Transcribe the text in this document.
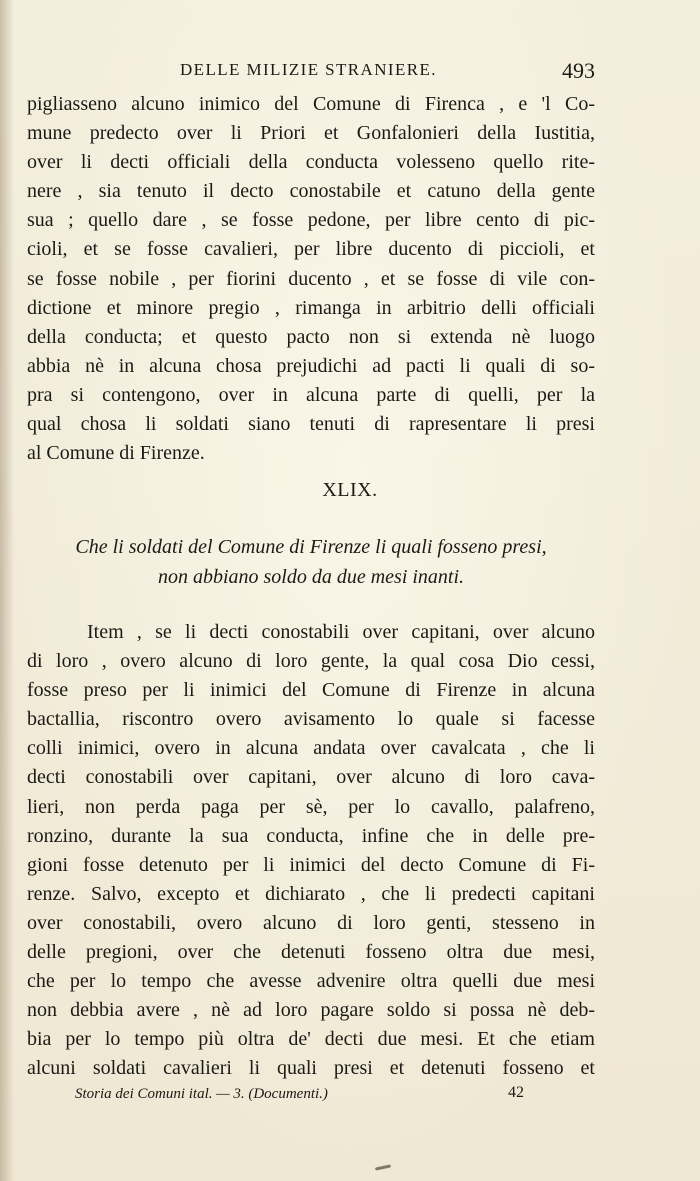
DELLE MILIZIE STRANIERE.	493
pigliasseno alcuno inimico del Comune di Firenca , e 'l Co-
mune predecto over li Priori et Gonfalonieri della Iustitia,
over li decti officiali della conducta volesseno quello rite-
nere , sia tenuto il decto conostabile et catuno della gente
sua ; quello dare , se fosse pedone, per libre cento di pic-
cioli, et se fosse cavalieri, per libre ducento di piccioli, et
se fosse nobile , per fiorini ducento , et se fosse di vile con-
dictione et minore pregio , rimanga in arbitrio delli officiali
della conducta; et questo pacto non si extenda nè luogo
abbia nè in alcuna chosa prejudichi ad pacti li quali di so-
pra si contengono, over in alcuna parte di quelli, per la
qual chosa li soldati siano tenuti di rapresentare li presi
al Comune di Firenze.
XLIX.
Che li soldati del Comune di Firenze li quali fosseno presi,
non abbiano soldo da due mesi inanti.
Item , se li decti conostabili over capitani, over alcuno
di loro , overo alcuno di loro gente, la qual cosa Dio cessi,
fosse preso per li inimici del Comune di Firenze in alcuna
bactallia, riscontro overo avisamento lo quale si facesse
colli inimici, overo in alcuna andata over cavalcata , che li
decti conostabili over capitani, over alcuno di loro cava-
lieri, non perda paga per sè, per lo cavallo, palafreno,
ronzino, durante la sua conducta, infine che in delle pre-
gioni fosse detenuto per li inimici del decto Comune di Fi-
renze. Salvo, excepto et dichiarato , che li predecti capitani
over conostabili, overo alcuno di loro genti, stesseno in
delle pregioni, over che detenuti fosseno oltra due mesi,
che per lo tempo che avesse advenire oltra quelli due mesi
non debbia avere , nè ad loro pagare soldo si possa nè deb-
bia per lo tempo più oltra de' decti due mesi. Et che etiam
alcuni soldati cavalieri li quali presi et detenuti fosseno et
Storia dei Comuni ital. — 3. (Documenti.)	42
